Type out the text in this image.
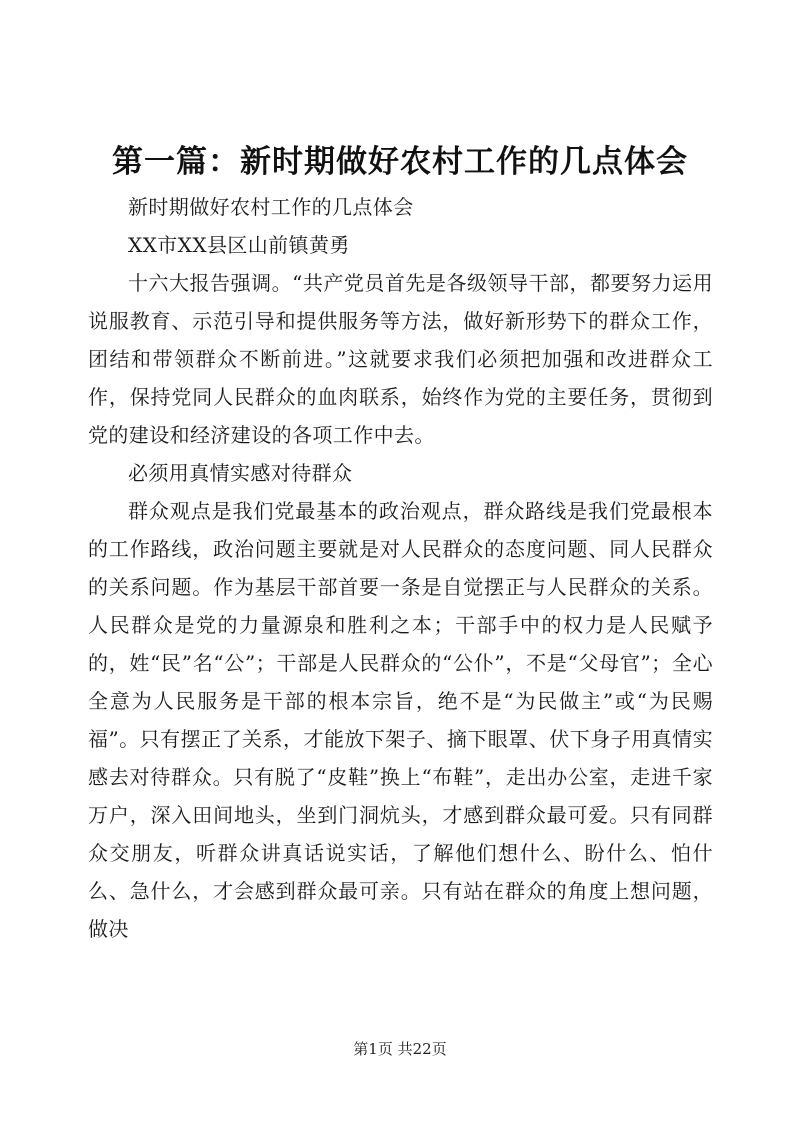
第一篇：新时期做好农村工作的几点体会

新时期做好农村工作的几点体会

XX市XX县区山前镇黄勇

十六大报告强调。“共产党员首先是各级领导干部，都要努力运用说服教育、示范引导和提供服务等方法，做好新形势下的群众工作，团结和带领群众不断前进。”这就要求我们必须把加强和改进群众工作，保持党同人民群众的血肉联系，始终作为党的主要任务，贯彻到党的建设和经济建设的各项工作中去。

必须用真情实感对待群众

群众观点是我们党最基本的政治观点，群众路线是我们党最根本的工作路线，政治问题主要就是对人民群众的态度问题、同人民群众的关系问题。作为基层干部首要一条是自觉摆正与人民群众的关系。人民群众是党的力量源泉和胜利之本；干部手中的权力是人民赋予的，姓“民”名“公”；干部是人民群众的“公仆”，不是“父母官”；全心全意为人民服务是干部的根本宗旨，绝不是“为民做主”或“为民赐福”。只有摆正了关系，才能放下架子、摘下眼罩、伏下身子用真情实感去对待群众。只有脱了“皮鞋”换上“布鞋”，走出办公室，走进千家万户，深入田间地头，坐到门洞炕头，才感到群众最可爱。只有同群众交朋友，听群众讲真话说实话，了解他们想什么、盼什么、怕什么、急什么，才会感到群众最可亲。只有站在群众的角度上想问题，做决

第1页 共22页
